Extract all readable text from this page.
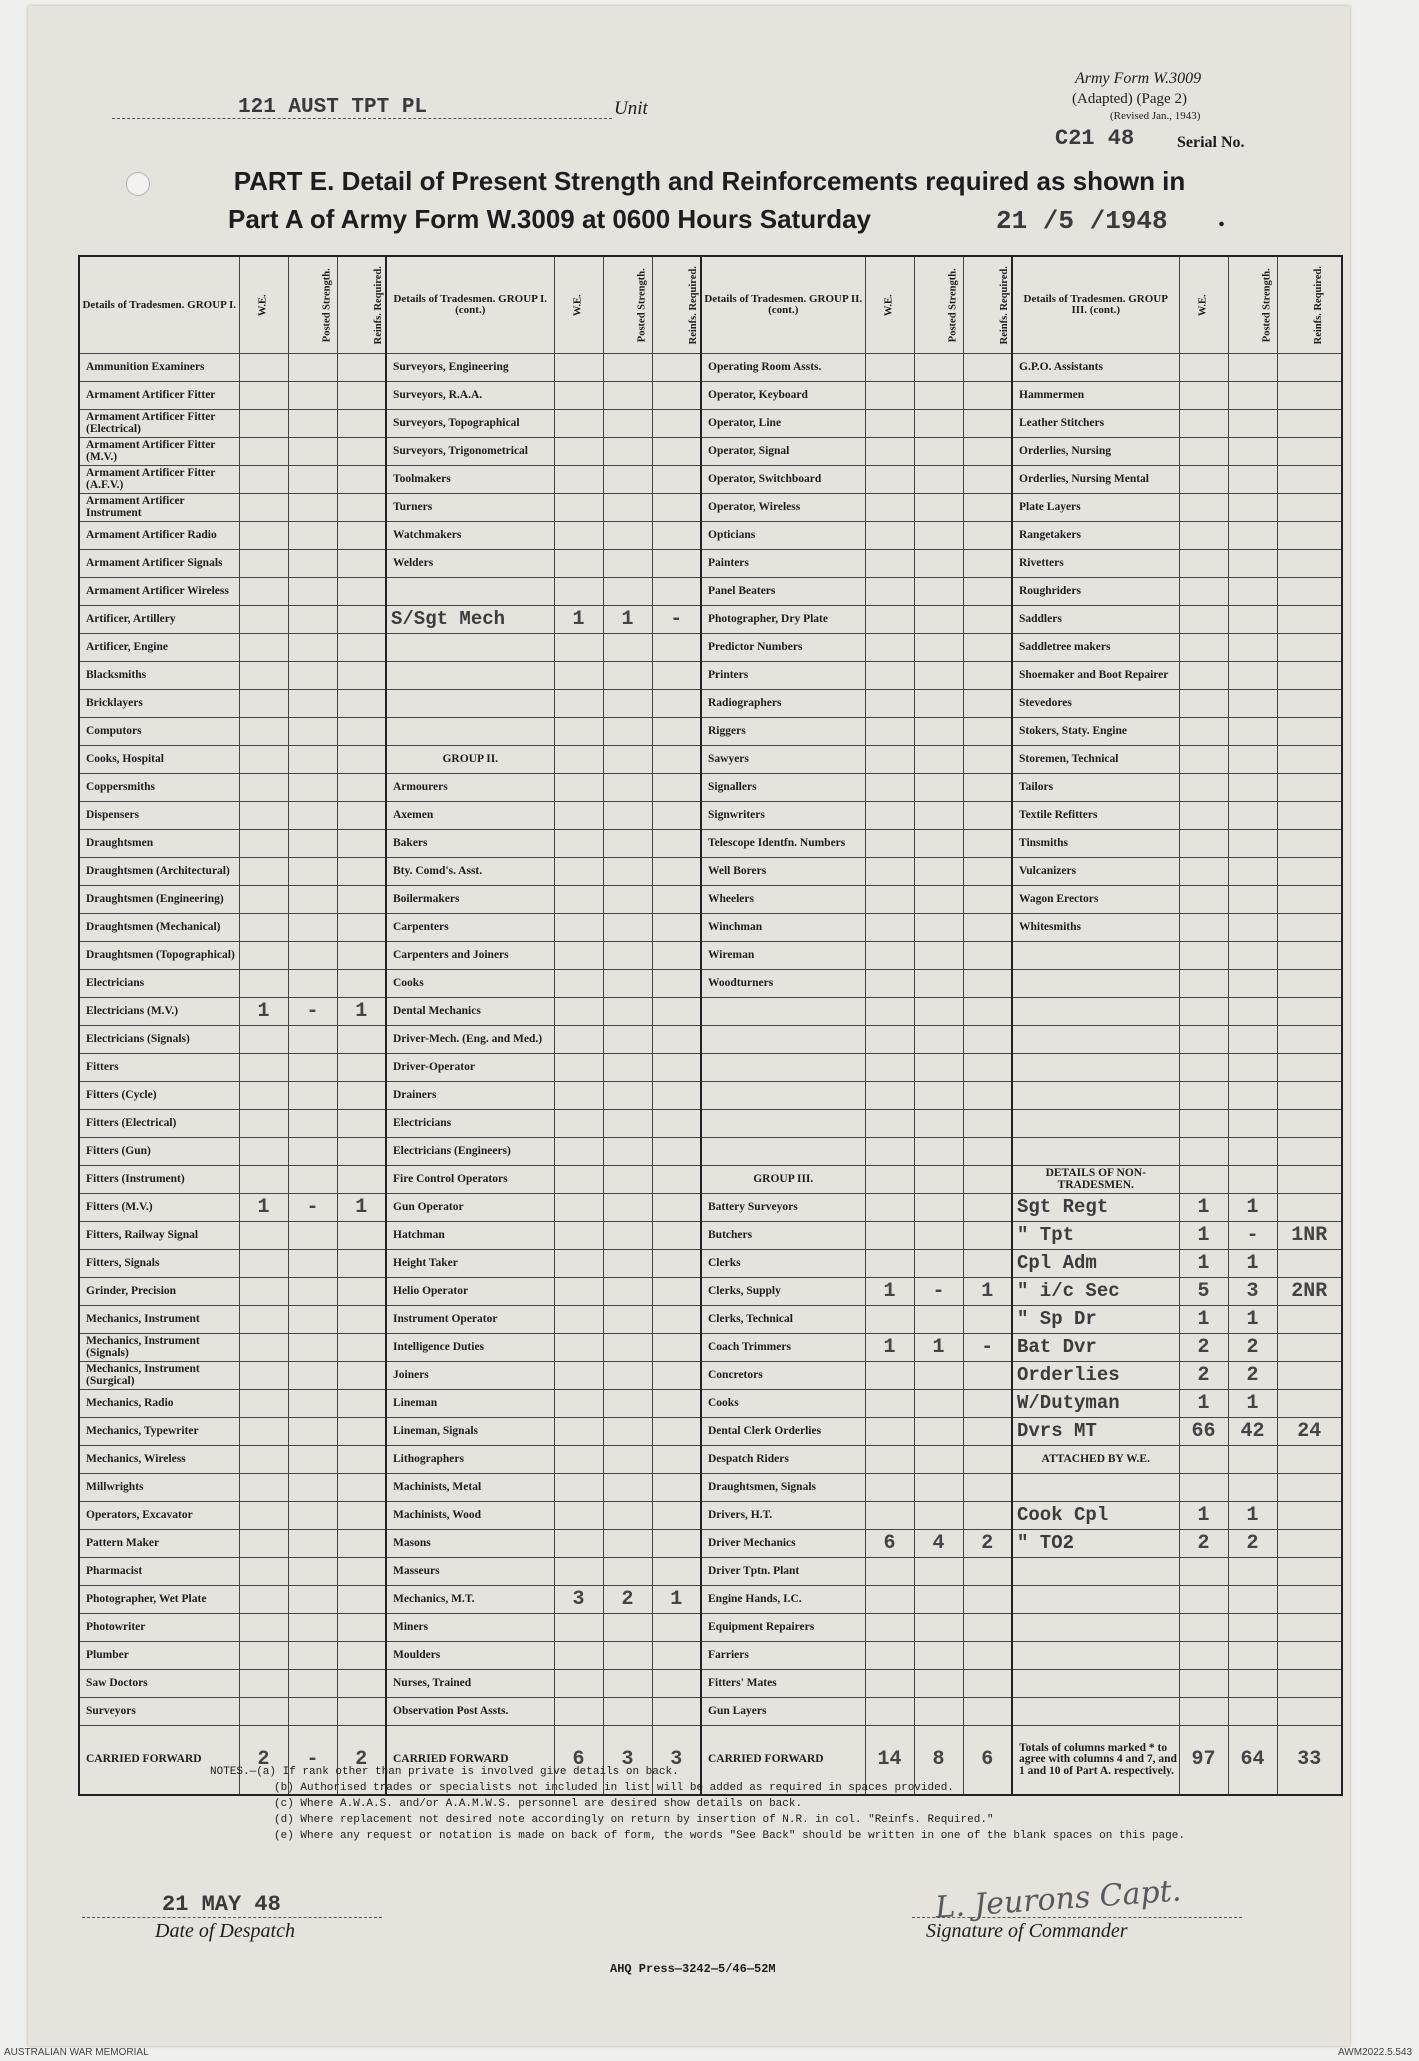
121 AUST TPT PL	Unit
Army Form W.3009
(Adapted) (Page 2)
(Revised Jan., 1943)
C21 48	Serial No.
PART E. Detail of Present Strength and Reinforcements required as shown in
Part A of Army Form W.3009 at 0600 Hours Saturday	21 /5 /1948 .
Details of Tradesmen. GROUP I.	W.E.	Posted Strength.	Reinfs. Required.	Details of Tradesmen. GROUP I. (cont.)	W.E.	Posted Strength.	Reinfs. Required.	Details of Tradesmen. GROUP II. (cont.)	W.E.	Posted Strength.	Reinfs. Required.	Details of Tradesmen. GROUP III. (cont.)	W.E.	Posted Strength.	Reinfs. Required.
Ammunition Examiners				Surveyors, Engineering				Operating Room Assts.				G.P.O. Assistants			
Armament Artificer Fitter				Surveyors, R.A.A.				Operator, Keyboard				Hammermen			
Armament Artificer Fitter (Electrical)				Surveyors, Topographical				Operator, Line				Leather Stitchers			
Armament Artificer Fitter (M.V.)				Surveyors, Trigonometrical				Operator, Signal				Orderlies, Nursing			
Armament Artificer Fitter (A.F.V.)				Toolmakers				Operator, Switchboard				Orderlies, Nursing Mental			
Armament Artificer Instrument				Turners				Operator, Wireless				Plate Layers			
Armament Artificer Radio				Watchmakers				Opticians				Rangetakers			
Armament Artificer Signals				Welders				Painters				Rivetters			
Armament Artificer Wireless								Panel Beaters				Roughriders			
Artificer, Artillery				S/Sgt Mech	1	1	-	Photographer, Dry Plate				Saddlers			
Artificer, Engine								Predictor Numbers				Saddletree makers			
Blacksmiths								Printers				Shoemaker and Boot Repairer			
Bricklayers								Radiographers				Stevedores			
Computors								Riggers				Stokers, Staty. Engine			
Cooks, Hospital				GROUP II.				Sawyers				Storemen, Technical			
Coppersmiths				Armourers				Signallers				Tailors			
Dispensers				Axemen				Signwriters				Textile Refitters			
Draughtsmen				Bakers				Telescope Identfn. Numbers				Tinsmiths			
Draughtsmen (Architectural)				Bty. Comd's. Asst.				Well Borers				Vulcanizers			
Draughtsmen (Engineering)				Boilermakers				Wheelers				Wagon Erectors			
Draughtsmen (Mechanical)				Carpenters				Winchman				Whitesmiths			
Draughtsmen (Topographical)				Carpenters and Joiners				Wireman							
Electricians				Cooks				Woodturners							
Electricians (M.V.)	1	-	1	Dental Mechanics											
Electricians (Signals)				Driver-Mech. (Eng. and Med.)											
Fitters				Driver-Operator											
Fitters (Cycle)				Drainers											
Fitters (Electrical)				Electricians											
Fitters (Gun)				Electricians (Engineers)											
Fitters (Instrument)				Fire Control Operators				GROUP III.				DETAILS OF NON-TRADESMEN.			
Fitters (M.V.)	1	-	1	Gun Operator				Battery Surveyors				Sgt Regt	1	1	
Fitters, Railway Signal				Hatchman				Butchers				" Tpt	1	-	1NR
Fitters, Signals				Height Taker				Clerks				Cpl Adm	1	1	
Grinder, Precision				Helio Operator				Clerks, Supply	1	-	1	" i/c Sec	5	3	2NR
Mechanics, Instrument				Instrument Operator				Clerks, Technical				" Sp Dr	1	1	
Mechanics, Instrument (Signals)				Intelligence Duties				Coach Trimmers	1	1	-	Bat Dvr	2	2	
Mechanics, Instrument (Surgical)				Joiners				Concretors				Orderlies	2	2	
Mechanics, Radio				Lineman				Cooks				W/Dutyman	1	1	
Mechanics, Typewriter				Lineman, Signals				Dental Clerk Orderlies				Dvrs MT	66	42	24
Mechanics, Wireless				Lithographers				Despatch Riders				ATTACHED BY W.E.			
Millwrights				Machinists, Metal				Draughtsmen, Signals							
Operators, Excavator				Machinists, Wood				Drivers, H.T.				Cook Cpl	1	1	
Pattern Maker				Masons				Driver Mechanics	6	4	2	" TO2	2	2	
Pharmacist				Masseurs				Driver Tptn. Plant							
Photographer, Wet Plate				Mechanics, M.T.	3	2	1	Engine Hands, I.C.							
Photowriter				Miners				Equipment Repairers							
Plumber				Moulders				Farriers							
Saw Doctors				Nurses, Trained				Fitters' Mates							
Surveyors				Observation Post Assts.				Gun Layers							
CARRIED FORWARD	2	-	2	CARRIED FORWARD	6	3	3	CARRIED FORWARD	14	8	6	Totals of columns marked * to agree with columns 4 and 7, and 1 and 10 of Part A. respectively.	97	64	33
NOTES.—(a) If rank other than private is involved give details on back.
(b) Authorised trades or specialists not included in list will be added as required in spaces provided.
(c) Where A.W.A.S. and/or A.A.M.W.S. personnel are desired show details on back.
(d) Where replacement not desired note accordingly on return by insertion of N.R. in col. "Reinfs. Required."
(e) Where any request or notation is made on back of form, the words "See Back" should be written in one of the blank spaces on this page.
21 MAY 48
Date of Despatch
L. Jeurons Capt.
Signature of Commander
AHQ Press—3242—5/46—52M
AUSTRALIAN WAR MEMORIAL	AWM2022.5.543
